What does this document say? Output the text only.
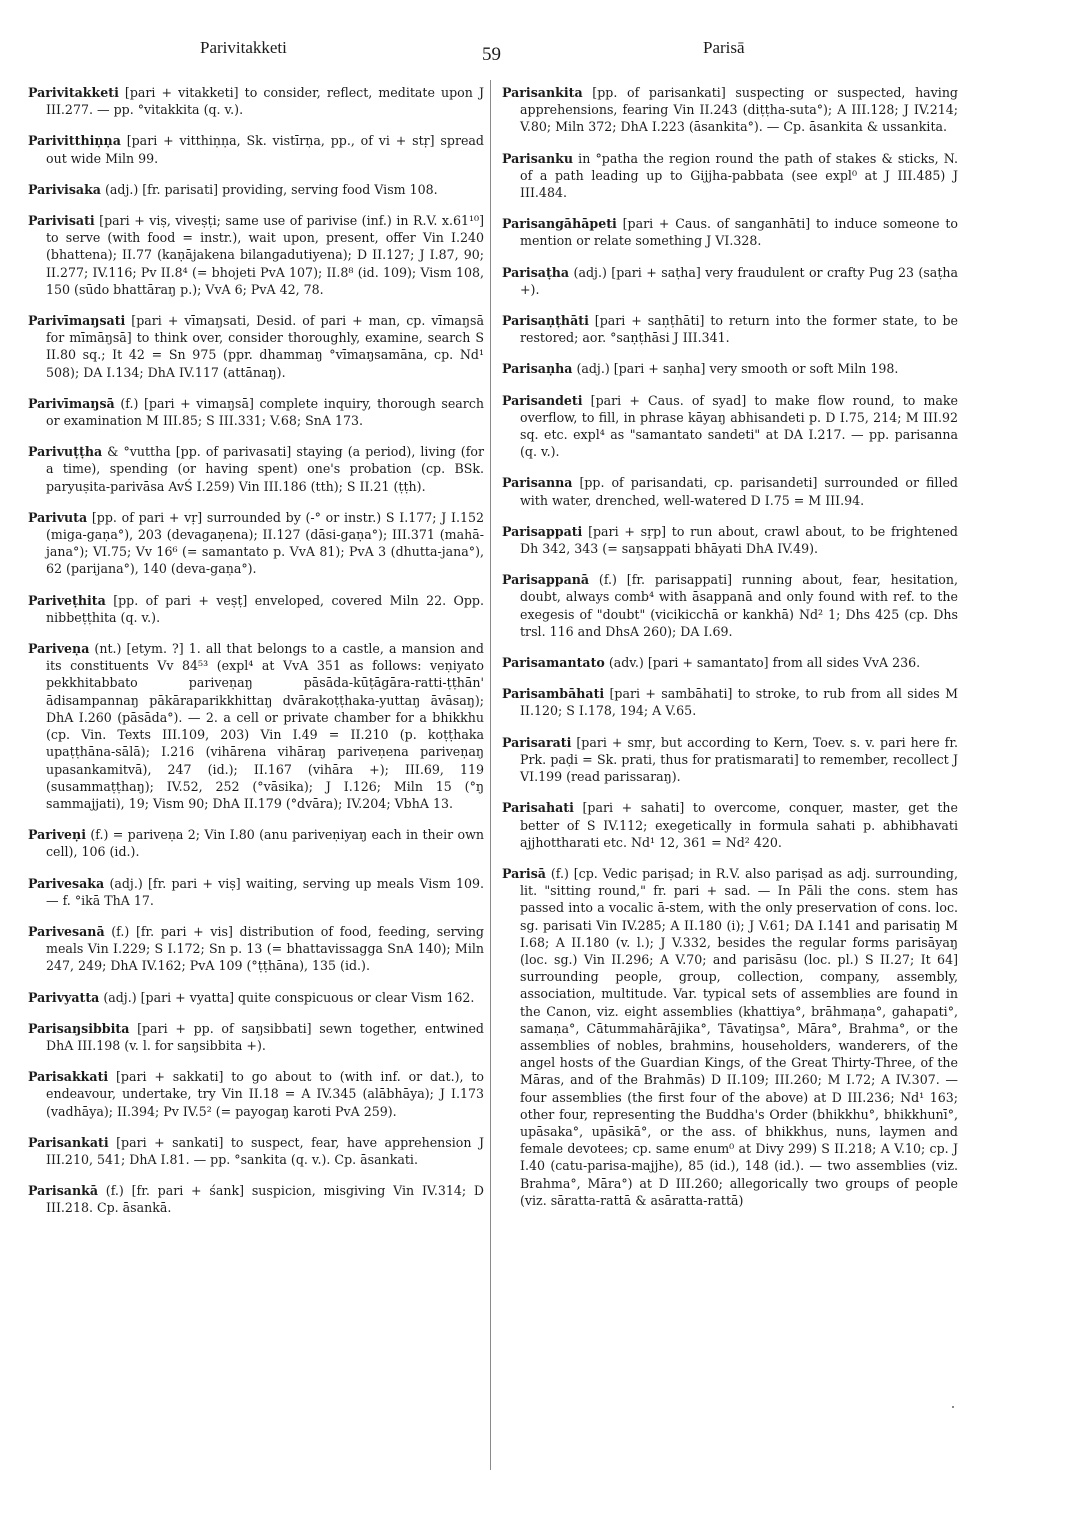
Parivitakketi	59	Parisā

Parivitakketi [pari + vitakketi] to consider, reflect, meditate upon J III.277. — pp. °vitakkita (q. v.).

Parivitthiṇṇa [pari + vitthiṇṇa, Sk. vistīrṇa, pp., of vi + stṛ] spread out wide Miln 99.

Parivisaka (adj.) [fr. parisati] providing, serving food Vism 108.

Parivisati [pari + viṣ, viveṣṭi; same use of parivise (inf.) in R.V. x.61¹⁰] to serve (with food = instr.), wait upon, present, offer Vin I.240 (bhattena); II.77 (kaṇājakena bilangadutiyena); D II.127; J I.87, 90; II.277; IV.116; Pv II.8⁴ (= bhojeti PvA 107); II.8⁸ (id. 109); Vism 108, 150 (sūdo bhattāraŋ p.); VvA 6; PvA 42, 78.

Parivīmaŋsati [pari + vīmaŋsati, Desid. of pari + man, cp. vīmaŋsā for mīmāŋsā] to think over, consider thoroughly, examine, search S II.80 sq.; It 42 = Sn 975 (ppr. dhammaŋ °vīmaŋsamāna, cp. Nd¹ 508); DA I.134; DhA IV.117 (attānaŋ).

Parivīmaŋsā (f.) [pari + vimaŋsā] complete inquiry, thorough search or examination M III.85; S III.331; V.68; SnA 173.

Parivuṭṭha & °vuttha [pp. of parivasati] staying (a period), living (for a time), spending (or having spent) one's probation (cp. BSk. paryuṣita-parivāsa AvŚ I.259) Vin III.186 (tth); S II.21 (ṭṭh).

Parivuta [pp. of pari + vṛ] surrounded by (-° or instr.) S I.177; J I.152 (miga-gaṇa°), 203 (devagaṇena); II.127 (dāsi-gaṇa°); III.371 (mahā-jana°); VI.75; Vv 16⁶ (= samantato p. VvA 81); PvA 3 (dhutta-jana°), 62 (parijana°), 140 (deva-gaṇa°).

Pariveṭhita [pp. of pari + veṣṭ] enveloped, covered Miln 22. Opp. nibbeṭṭhita (q. v.).

Pariveṇa (nt.) [etym. ?] 1. all that belongs to a castle, a mansion and its constituents Vv 84⁵³ (expl⁴ at VvA 351 as follows: veṇiyato pekkhitabbato pariveṇaŋ pāsāda-kūṭāgāra-ratti-ṭṭhān' ādisampannaŋ pākāraparikkhittaŋ dvārakoṭṭhaka-yuttaŋ āvāsaŋ); DhA I.260 (pāsāda°). — 2. a cell or private chamber for a bhikkhu (cp. Vin. Texts III.109, 203) Vin I.49 = II.210 (p. koṭṭhaka upaṭṭhāna-sālā); I.216 (vihārena vihāraŋ pariveṇena pariveṇaŋ upasankamitvā), 247 (id.); II.167 (vihāra +); III.69, 119 (susammaṭṭhaŋ); IV.52, 252 (°vāsika); J I.126; Miln 15 (°ŋ sammajjati), 19; Vism 90; DhA II.179 (°dvāra); IV.204; VbhA 13.

Pariveṇi (f.) = pariveṇa 2; Vin I.80 (anu pariveṇiyaŋ each in their own cell), 106 (id.).

Parivesaka (adj.) [fr. pari + viṣ] waiting, serving up meals Vism 109. — f. °ikā ThA 17.

Parivesanā (f.) [fr. pari + vis] distribution of food, feeding, serving meals Vin I.229; S I.172; Sn p. 13 (= bhattavissagga SnA 140); Miln 247, 249; DhA IV.162; PvA 109 (°ṭṭhāna), 135 (id.).

Parivyatta (adj.) [pari + vyatta] quite conspicuous or clear Vism 162.

Parisaŋsibbita [pari + pp. of saŋsibbati] sewn together, entwined DhA III.198 (v. l. for saŋsibbita +).

Parisakkati [pari + sakkati] to go about to (with inf. or dat.), to endeavour, undertake, try Vin II.18 = A IV.345 (alābhāya); J I.173 (vadhāya); II.394; Pv IV.5² (= payogaŋ karoti PvA 259).

Parisankati [pari + sankati] to suspect, fear, have apprehension J III.210, 541; DhA I.81. — pp. °sankita (q. v.). Cp. āsankati.

Parisankā (f.) [fr. pari + śank] suspicion, misgiving Vin IV.314; D III.218. Cp. āsankā.

Parisankita [pp. of parisankati] suspecting or suspected, having apprehensions, fearing Vin II.243 (diṭṭha-suta°); A III.128; J IV.214; V.80; Miln 372; DhA I.223 (āsankita°). — Cp. āsankita & ussankita.

Parisanku in °patha the region round the path of stakes & sticks, N. of a path leading up to Gijjha-pabbata (see expl⁰ at J III.485) J III.484.

Parisangāhāpeti [pari + Caus. of sanganhāti] to induce someone to mention or relate something J VI.328.

Parisaṭha (adj.) [pari + saṭha] very fraudulent or crafty Pug 23 (saṭha +).

Parisaṇṭhāti [pari + saṇṭhāti] to return into the former state, to be restored; aor. °saṇṭhāsi J III.341.

Parisaṇha (adj.) [pari + saṇha] very smooth or soft Miln 198.

Parisandeti [pari + Caus. of syad] to make flow round, to make overflow, to fill, in phrase kāyaŋ abhisandeti p. D I.75, 214; M III.92 sq. etc. expl⁴ as "samantato sandeti" at DA I.217. — pp. parisanna (q. v.).

Parisanna [pp. of parisandati, cp. parisandeti] surrounded or filled with water, drenched, well-watered D I.75 = M III.94.

Parisappati [pari + sṛp] to run about, crawl about, to be frightened Dh 342, 343 (= saŋsappati bhāyati DhA IV.49).

Parisappanā (f.) [fr. parisappati] running about, fear, hesitation, doubt, always comb⁴ with āsappanā and only found with ref. to the exegesis of "doubt" (vicikicchā or kankhā) Nd² 1; Dhs 425 (cp. Dhs trsl. 116 and DhsA 260); DA I.69.

Parisamantato (adv.) [pari + samantato] from all sides VvA 236.

Parisambāhati [pari + sambāhati] to stroke, to rub from all sides M II.120; S I.178, 194; A V.65.

Parisarati [pari + smṛ, but according to Kern, Toev. s. v. pari here fr. Prk. paḍi = Sk. prati, thus for pratismarati] to remember, recollect J VI.199 (read parissaraŋ).

Parisahati [pari + sahati] to overcome, conquer, master, get the better of S IV.112; exegetically in formula sahati p. abhibhavati ajjhottharati etc. Nd¹ 12, 361 = Nd² 420.

Parisā (f.) [cp. Vedic pariṣad; in R.V. also pariṣad as adj. surrounding, lit. "sitting round," fr. pari + sad. — In Pāli the cons. stem has passed into a vocalic ā-stem, with the only preservation of cons. loc. sg. parisati Vin IV.285; A II.180 (i); J V.61; DA I.141 and parisatiŋ M I.68; A II.180 (v. l.); J V.332, besides the regular forms parisāyaŋ (loc. sg.) Vin II.296; A V.70; and parisāsu (loc. pl.) S II.27; It 64] surrounding people, group, collection, company, assembly, association, multitude. Var. typical sets of assemblies are found in the Canon, viz. eight assemblies (khattiya°, brāhmaṇa°, gahapati°, samaṇa°, Cātummahārājika°, Tāvatiŋsa°, Māra°, Brahma°, or the assemblies of nobles, brahmins, householders, wanderers, of the angel hosts of the Guardian Kings, of the Great Thirty-Three, of the Māras, and of the Brahmās) D II.109; III.260; M I.72; A IV.307. — four assemblies (the first four of the above) at D III.236; Nd¹ 163; other four, representing the Buddha's Order (bhikkhu°, bhikkhunī°, upāsaka°, upāsikā°, or the ass. of bhikkhus, nuns, laymen and female devotees; cp. same enum⁰ at Divy 299) S II.218; A V.10; cp. J I.40 (catu-parisa-majjhe), 85 (id.), 148 (id.). — two assemblies (viz. Brahma°, Māra°) at D III.260; allegorically two groups of people (viz. sāratta-rattā & asāratta-rattā)
